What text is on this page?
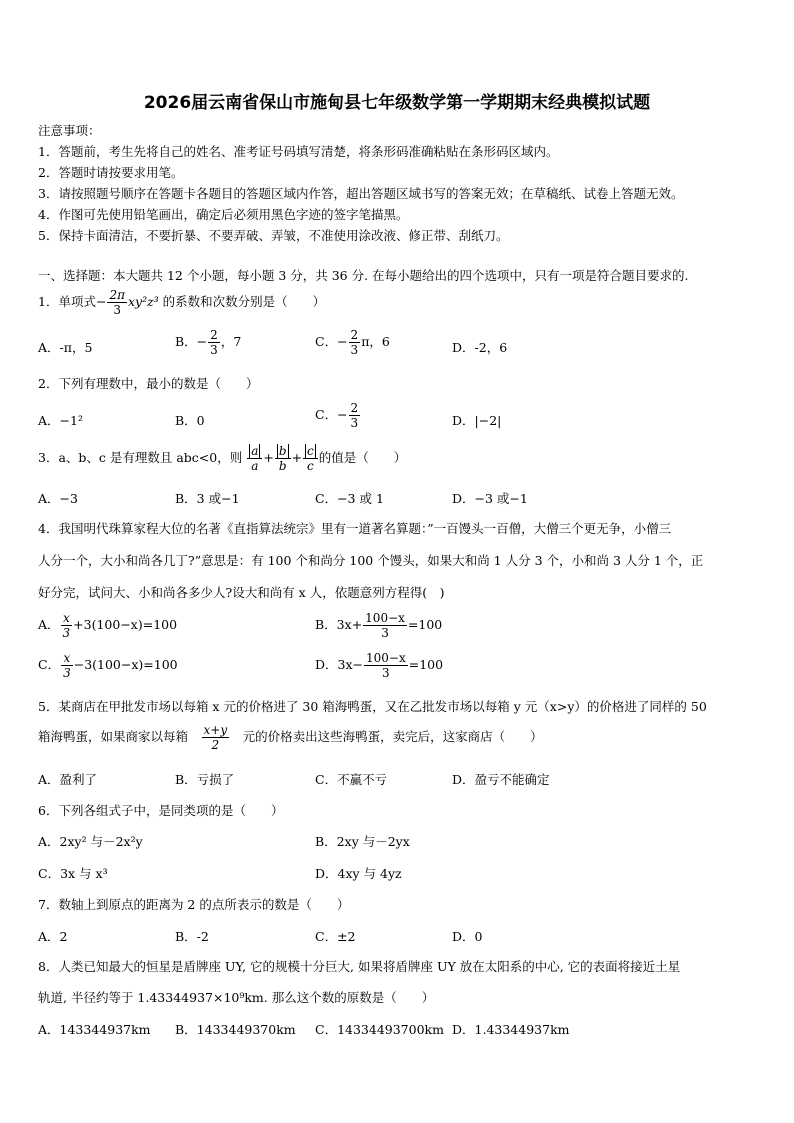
2026届云南省保山市施甸县七年级数学第一学期期末经典模拟试题
注意事项：
1．答题前，考生先将自己的姓名、准考证号码填写清楚，将条形码准确粘贴在条形码区域内。
2．答题时请按要求用笔。
3．请按照题号顺序在答题卡各题目的答题区域内作答，超出答题区域书写的答案无效；在草稿纸、试卷上答题无效。
4．作图可先使用铅笔画出，确定后必须用黑色字迹的签字笔描黑。
5．保持卡面清洁，不要折暴、不要弄破、弄皱，不准使用涂改液、修正带、刮纸刀。
一、选择题：本大题共 12 个小题，每小题 3 分，共 36 分. 在每小题给出的四个选项中，只有一项是符合题目要求的.
1．单项式− $\frac{2\pi}{3} xy^2z^3$ 的系数和次数分别是（　　）
A．-π，5	B．− $\frac{2}{3}$ ，7	C．− $\frac{2}{3}$ π，6	D．-2，6
2．下列有理数中，最小的数是（　　）
A．−1²	B．0	C．− $\frac{2}{3}$	D．|−2|
3．a、b、c 是有理数且 abc<0，则 $\frac{a}{a} + \frac{b}{b} + \frac{c}{c}$ 的值是（　　）
A．−3	B．3 或−1	C．−3 或 1	D．−3 或−1
4．我国明代珠算家程大位的名著《直指算法统宗》里有一道著名算题：”一百馒头一百僧，大僧三个更无争，小僧三
人分一个，大小和尚各几丁?”意思是：有 100 个和尚分 100 个馒头，如果大和尚 1 人分 3 个，小和尚 3 人分 1 个，正
好分完，试问大、小和尚各多少人?设大和尚有 x 人，依题意列方程得(　)
A． $\frac{x}{3} +3(100-x)=100$	B．$3x+ \frac{100-x}{3} =100$
C． $\frac{x}{3} -3(100-x)=100$	D．$3x- \frac{100-x}{3} =100$
5．某商店在甲批发市场以每箱 x 元的价格进了 30 箱海鸭蛋，又在乙批发市场以每箱 y 元（x>y）的价格进了同样的 50
箱海鸭蛋，如果商家以每箱　 $\frac{x+y}{2}$
　 元的价格卖出这些海鸭蛋，卖完后，这家商店（　　）
A．盈利了	B．亏损了	C．不赢不亏	D．盈亏不能确定
6．下列各组式子中，是同类项的是（　　）
A．2xy² 与－2x²y	B．2xy 与－2yx
C．3x 与 x³	D．4xy 与 4yz
7．数轴上到原点的距离为 2 的点所表示的数是（　　）
A．2	B．-2	C．±2	D．0
8．人类已知最大的恒星是盾牌座 UY, 它的规模十分巨大, 如果将盾牌座 UY 放在太阳系的中心, 它的表面将接近土星
轨道, 半径约等于 1.43344937×10⁹km. 那么这个数的原数是（　　）
A．143344937km B．1433449370km C．14334493700km D．1.43344937km
